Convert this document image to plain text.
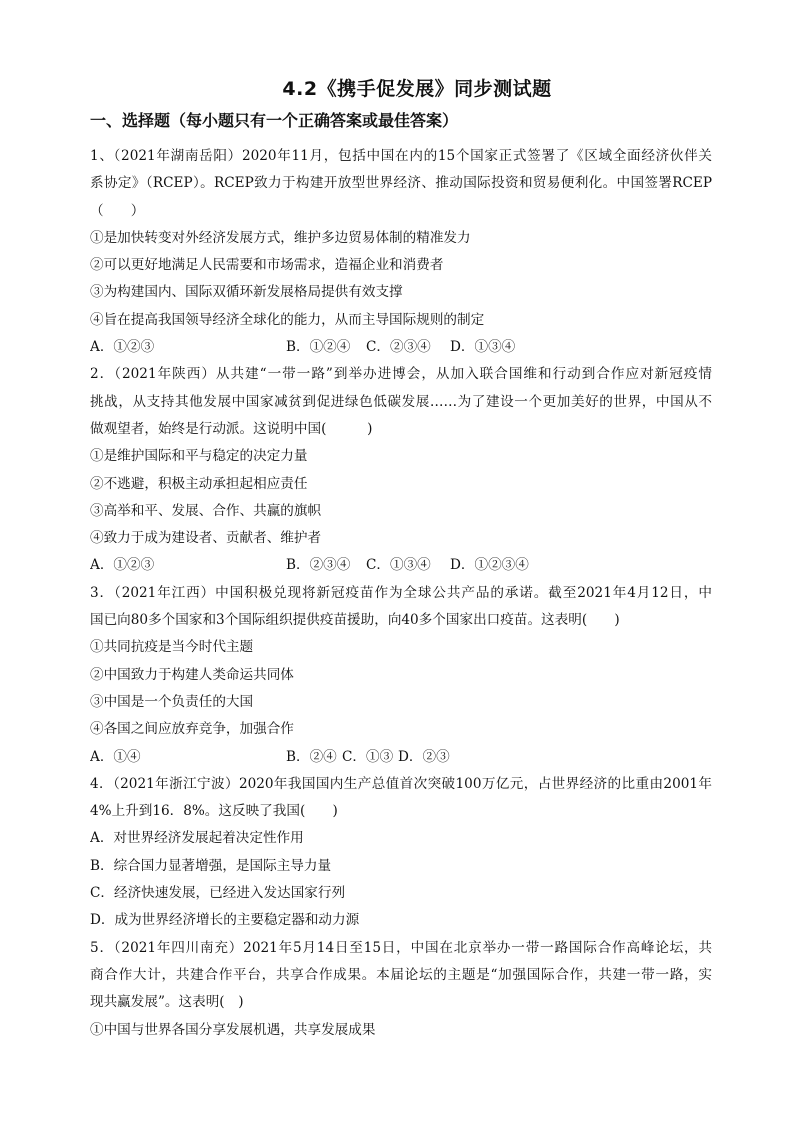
4.2《携手促发展》同步测试题
一、选择题（每小题只有一个正确答案或最佳答案）
1、（2021年湖南岳阳）2020年11月，包括中国在内的15个国家正式签署了《区域全面经济伙伴关
系协定》（RCEP）。RCEP致力于构建开放型世界经济、推动国际投资和贸易便利化。中国签署RCEP
（　　）
①是加快转变对外经济发展方式，维护多边贸易体制的精准发力
②可以更好地满足人民需要和市场需求，造福企业和消费者
③为构建国内、国际双循环新发展格局提供有效支撑
④旨在提高我国领导经济全球化的能力，从而主导国际规则的制定
A．①②③	B．①②④	C．②③④	D．①③④
2．（2021年陕西）从共建“一带一路”到举办进博会，从加入联合国维和行动到合作应对新冠疫情
挑战，从支持其他发展中国家减贫到促进绿色低碳发展……为了建设一个更加美好的世界，中国从不
做观望者，始终是行动派。这说明中国(　　　)
①是维护国际和平与稳定的决定力量
②不逃避，积极主动承担起相应责任
③高举和平、发展、合作、共赢的旗帜
④致力于成为建设者、贡献者、维护者
A．①②③	B．②③④	C．①③④	D．①②③④
3．（2021年江西）中国积极兑现将新冠疫苗作为全球公共产品的承诺。截至2021年4月12日，中
国已向80多个国家和3个国际组织提供疫苗援助，向40多个国家出口疫苗。这表明(　　)
①共同抗疫是当今时代主题
②中国致力于构建人类命运共同体
③中国是一个负责任的大国
④各国之间应放弃竞争，加强合作
A．①④	B．②④ C．①③ D．②③
4．（2021年浙江宁波）2020年我国国内生产总值首次突破100万亿元，占世界经济的比重由2001年
4%上升到16．8%。这反映了我国(　　)
A．对世界经济发展起着决定性作用
B．综合国力显著增强，是国际主导力量
C．经济快速发展，已经进入发达国家行列
D．成为世界经济增长的主要稳定器和动力源
5．（2021年四川南充）2021年5月14日至15日，中国在北京举办一带一路国际合作高峰论坛，共
商合作大计，共建合作平台，共享合作成果。本届论坛的主题是“加强国际合作，共建一带一路，实
现共赢发展”。这表明(　)
①中国与世界各国分享发展机遇，共享发展成果
